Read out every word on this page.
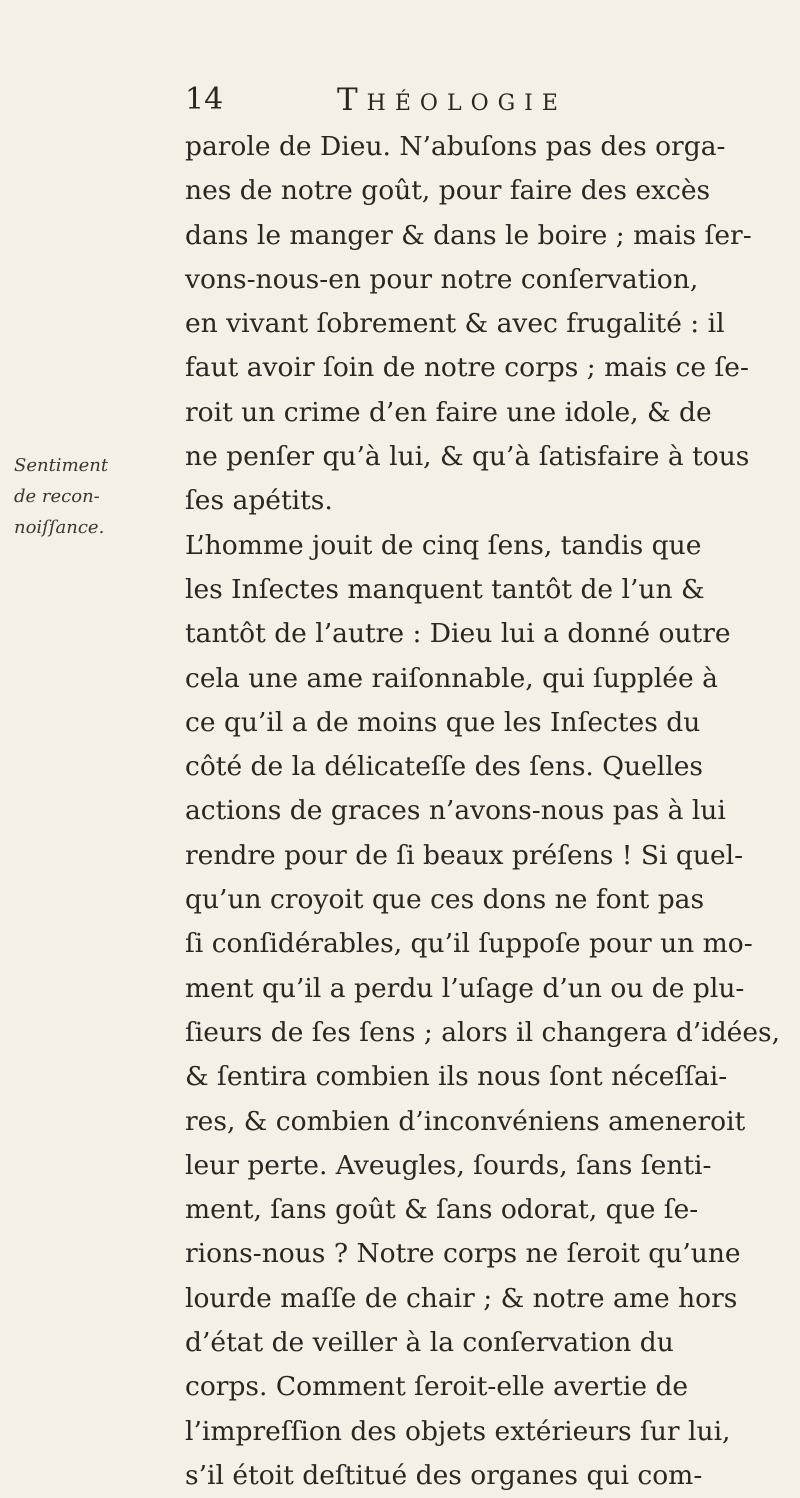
14	Théologie
Sentiment
de recon-
noiſſance.
parole de Dieu. N’abuſons pas des orga-
nes de notre goût, pour faire des excès
dans le manger & dans le boire ; mais ſer-
vons-nous-en pour notre conſervation,
en vivant ſobrement & avec frugalité : il
faut avoir ſoin de notre corps ; mais ce ſe-
roit un crime d’en faire une idole, & de
ne penſer qu’à lui, & qu’à ſatisfaire à tous
ſes apétits.
L’homme jouit de cinq ſens, tandis que
les Inſectes manquent tantôt de l’un &
tantôt de l’autre : Dieu lui a donné outre
cela une ame raiſonnable, qui ſupplée à
ce qu’il a de moins que les Inſectes du
côté de la délicateſſe des ſens. Quelles
actions de graces n’avons-nous pas à lui
rendre pour de ſi beaux préſens ! Si quel-
qu’un croyoit que ces dons ne font pas
ſi conſidérables, qu’il ſuppoſe pour un mo-
ment qu’il a perdu l’uſage d’un ou de plu-
ſieurs de ſes ſens ; alors il changera d’idées,
& ſentira combien ils nous ſont néceſſai-
res, & combien d’inconvéniens ameneroit
leur perte. Aveugles, ſourds, ſans ſenti-
ment, ſans goût & ſans odorat, que ſe-
rions-nous ? Notre corps ne ſeroit qu’une
lourde maſſe de chair ; & notre ame hors
d’état de veiller à la conſervation du
corps. Comment ſeroit-elle avertie de
l’impreſſion des objets extérieurs ſur lui,
s’il étoit deſtitué des organes qui com-
